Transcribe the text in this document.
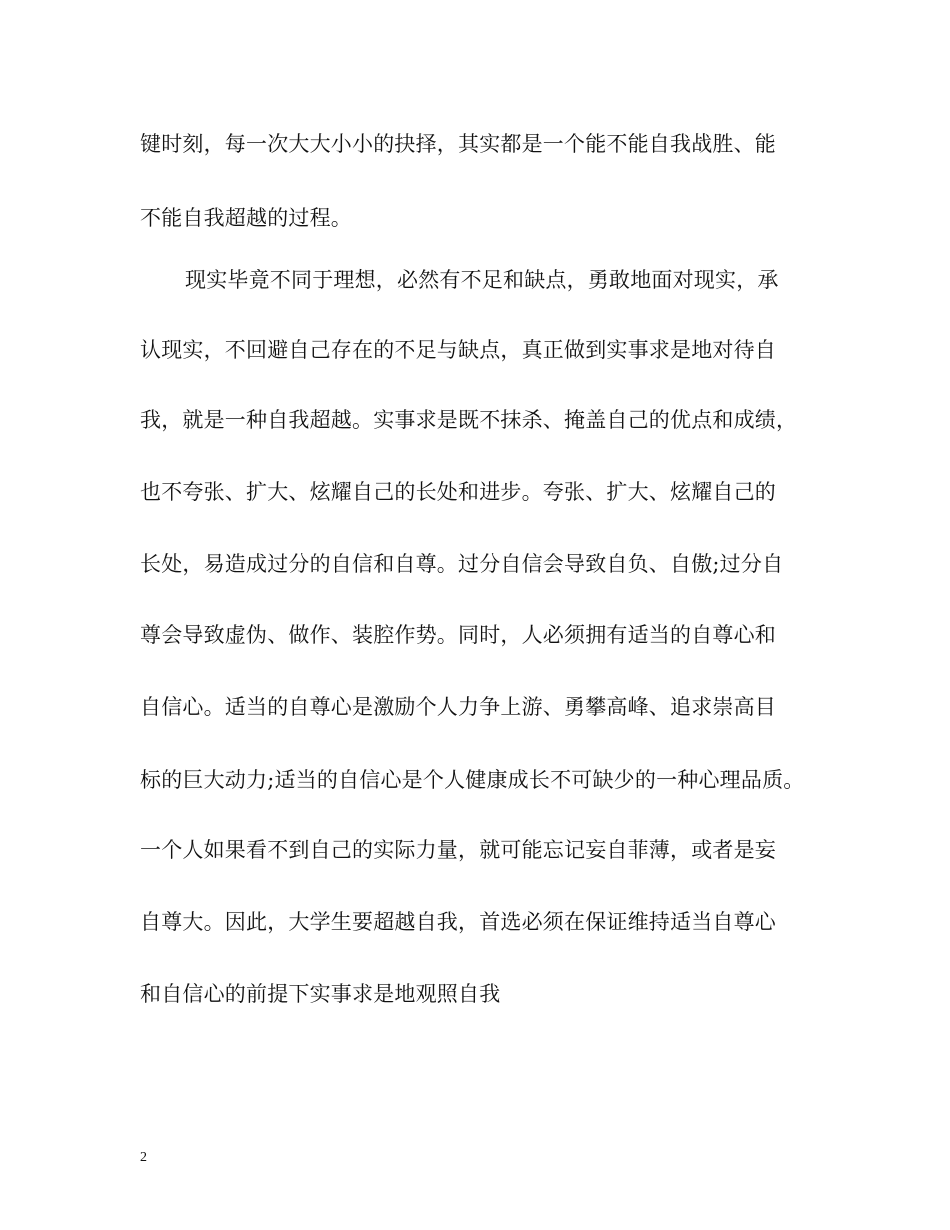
键时刻，每一次大大小小的抉择，其实都是一个能不能自我战胜、能
不能自我超越的过程。
现实毕竟不同于理想，必然有不足和缺点，勇敢地面对现实，承
认现实，不回避自己存在的不足与缺点，真正做到实事求是地对待自
我，就是一种自我超越。实事求是既不抹杀、掩盖自己的优点和成绩，
也不夸张、扩大、炫耀自己的长处和进步。夸张、扩大、炫耀自己的
长处，易造成过分的自信和自尊。过分自信会导致自负、自傲;过分自
尊会导致虚伪、做作、装腔作势。同时，人必须拥有适当的自尊心和
自信心。适当的自尊心是激励个人力争上游、勇攀高峰、追求崇高目
标的巨大动力;适当的自信心是个人健康成长不可缺少的一种心理品质。
一个人如果看不到自己的实际力量，就可能忘记妄自菲薄，或者是妄
自尊大。因此，大学生要超越自我，首选必须在保证维持适当自尊心
和自信心的前提下实事求是地观照自我
2
